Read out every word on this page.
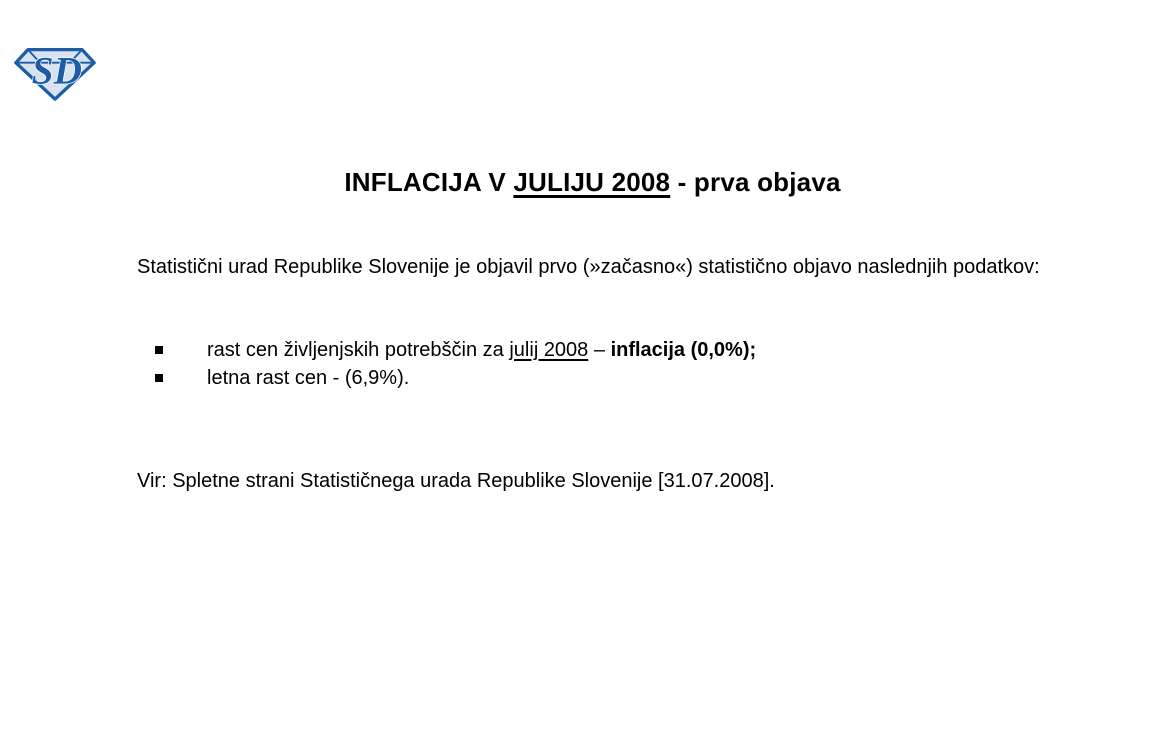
SD
INFLACIJA V JULIJU 2008 - prva objava
Statistični urad Republike Slovenije je objavil prvo (»začasno«) statistično objavo naslednjih podatkov:
rast cen življenjskih potrebščin za julij 2008 – inflacija (0,0%);
letna rast cen - (6,9%).
Vir: Spletne strani Statističnega urada Republike Slovenije [31.07.2008].
